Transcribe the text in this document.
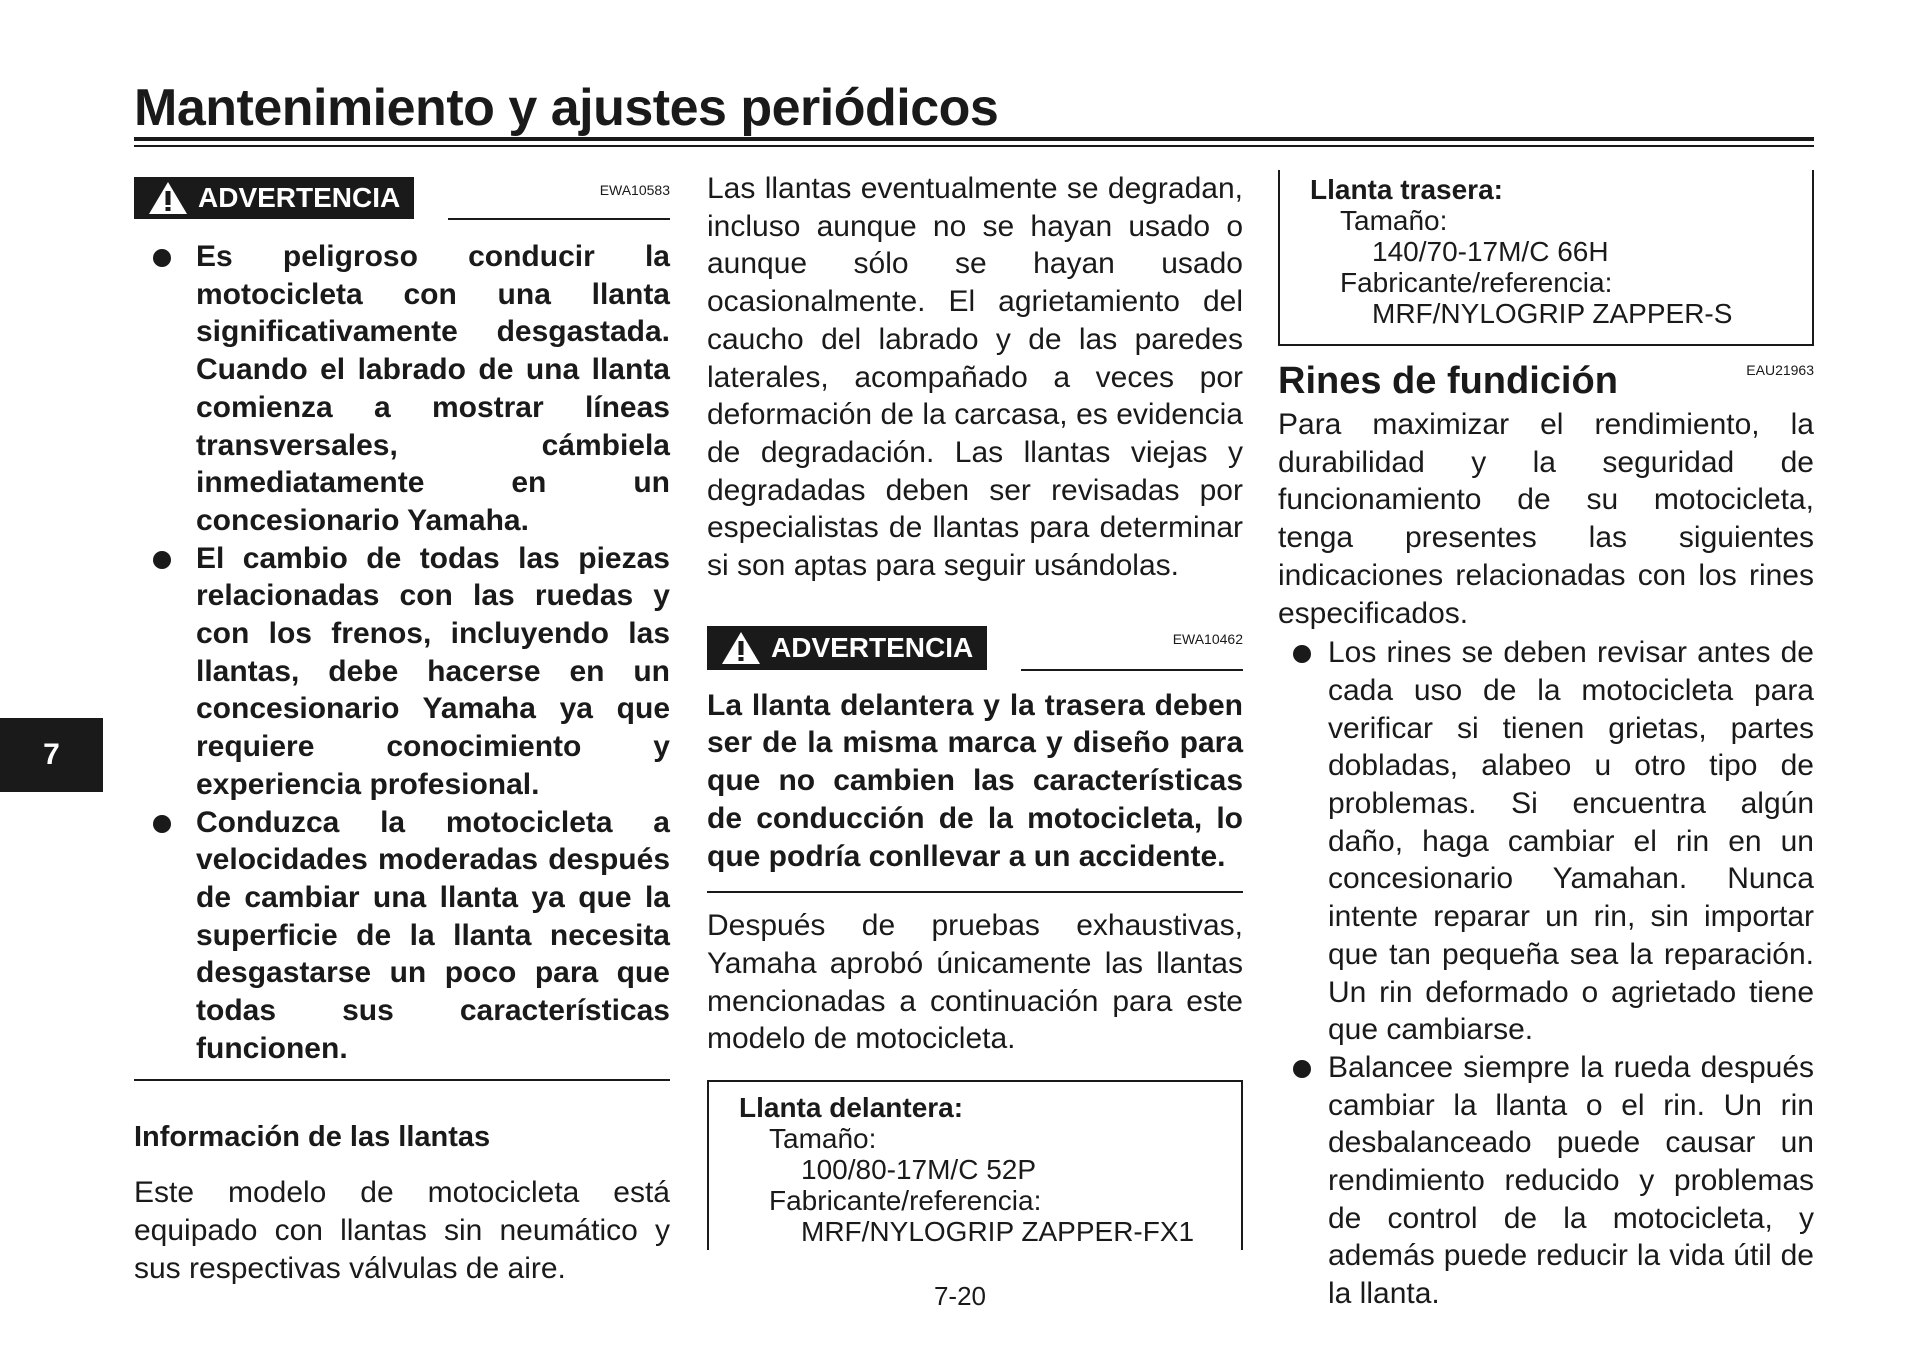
Mantenimiento y ajustes periódicos
7
ADVERTENCIA	EWA10583
Es peligroso conducir la motocicleta con una llanta significativamente desgastada. Cuando el labrado de una llanta comienza a mostrar líneas transversales, cámbiela inmediatamente en un concesionario Yamaha.
El cambio de todas las piezas relacionadas con las ruedas y con los frenos, incluyendo las llantas, debe hacerse en un concesionario Yamaha ya que requiere conocimiento y experiencia profesional.
Conduzca la motocicleta a velocidades moderadas después de cambiar una llanta ya que la superficie de la llanta necesita desgastarse un poco para que todas sus características funcionen.
Información de las llantas

Este modelo de motocicleta está equipado con llantas sin neumático y sus respectivas válvulas de aire.

Las llantas eventualmente se degradan, incluso aunque no se hayan usado o aunque sólo se hayan usado ocasionalmente. El agrietamiento del caucho del labrado y de las paredes laterales, acompañado a veces por deformación de la carcasa, es evidencia de degradación. Las llantas viejas y degradadas deben ser revisadas por especialistas de llantas para determinar si son aptas para seguir usándolas.

ADVERTENCIA	EWA10462

La llanta delantera y la trasera deben ser de la misma marca y diseño para que no cambien las características de conducción de la motocicleta, lo que podría conllevar a un accidente.

Después de pruebas exhaustivas, Yamaha aprobó únicamente las llantas mencionadas a continuación para este modelo de motocicleta.

Llanta delantera:
Tamaño:
100/80-17M/C 52P
Fabricante/referencia:
MRF/NYLOGRIP ZAPPER-FX1
Llanta trasera:
Tamaño:
140/70-17M/C 66H
Fabricante/referencia:
MRF/NYLOGRIP ZAPPER-S
Rines de fundición	EAU21963

Para maximizar el rendimiento, la durabilidad y la seguridad de funcionamiento de su motocicleta, tenga presentes las siguientes indicaciones relacionadas con los rines especificados.

Los rines se deben revisar antes de cada uso de la motocicleta para verificar si tienen grietas, partes dobladas, alabeo u otro tipo de problemas. Si encuentra algún daño, haga cambiar el rin en un concesionario Yamahan. Nunca intente reparar un rin, sin importar que tan pequeña sea la reparación. Un rin deformado o agrietado tiene que cambiarse.
Balancee siempre la rueda después cambiar la llanta o el rin. Un rin desbalanceado puede causar un rendimiento reducido y problemas de control de la motocicleta, y además puede reducir la vida útil de la llanta.
7-20
